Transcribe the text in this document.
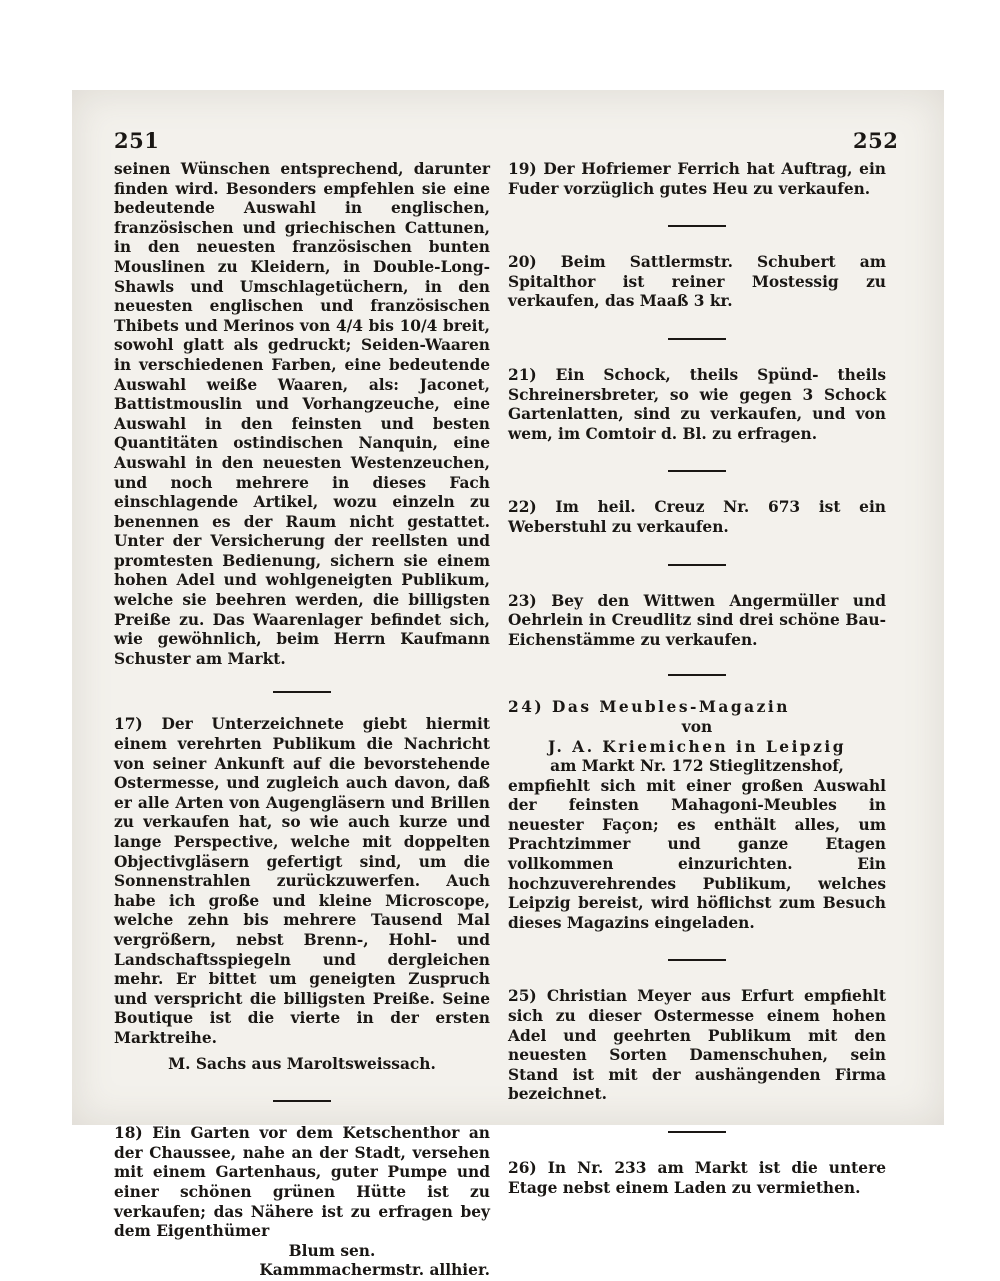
251	252

seinen Wünschen entsprechend, darunter finden wird. Besonders empfehlen sie eine bedeutende Auswahl in englischen, französischen und griechischen Cattunen, in den neuesten französischen bunten Mouslinen zu Kleidern, in Double-Long-Shawls und Umschlagetüchern, in den neuesten englischen und französischen Thibets und Merinos von 4/4 bis 10/4 breit, sowohl glatt als gedruckt; Seiden-Waaren in verschiedenen Farben, eine bedeutende Auswahl weiße Waaren, als: Jaconet, Battistmouslin und Vorhangzeuche, eine Auswahl in den feinsten und besten Quantitäten ostindischen Nanquin, eine Auswahl in den neuesten Westenzeuchen, und noch mehrere in dieses Fach einschlagende Artikel, wozu einzeln zu benennen es der Raum nicht gestattet. Unter der Versicherung der reellsten und promtesten Bedienung, sichern sie einem hohen Adel und wohlgeneigten Publikum, welche sie beehren werden, die billigsten Preiße zu. Das Waarenlager befindet sich, wie gewöhnlich, beim Herrn Kaufmann Schuster am Markt.

17) Der Unterzeichnete giebt hiermit einem verehrten Publikum die Nachricht von seiner Ankunft auf die bevorstehende Ostermesse, und zugleich auch davon, daß er alle Arten von Augengläsern und Brillen zu verkaufen hat, so wie auch kurze und lange Perspective, welche mit doppelten Objectivgläsern gefertigt sind, um die Sonnenstrahlen zurückzuwerfen. Auch habe ich große und kleine Microscope, welche zehn bis mehrere Tausend Mal vergrößern, nebst Brenn-, Hohl- und Landschaftsspiegeln und dergleichen mehr. Er bittet um geneigten Zuspruch und verspricht die billigsten Preiße. Seine Boutique ist die vierte in der ersten Marktreihe.

M. Sachs aus Maroltsweissach.

18) Ein Garten vor dem Ketschenthor an der Chaussee, nahe an der Stadt, versehen mit einem Gartenhaus, guter Pumpe und einer schönen grünen Hütte ist zu verkaufen; das Nähere ist zu erfragen bey dem Eigenthümer

Blum sen.

Kammmachermstr. allhier.

19) Der Hofriemer Ferrich hat Auftrag, ein Fuder vorzüglich gutes Heu zu verkaufen.

20) Beim Sattlermstr. Schubert am Spitalthor ist reiner Mostessig zu verkaufen, das Maaß 3 kr.

21) Ein Schock, theils Spünd- theils Schreinersbreter, so wie gegen 3 Schock Gartenlatten, sind zu verkaufen, und von wem, im Comtoir d. Bl. zu erfragen.

22) Im heil. Creuz Nr. 673 ist ein Weberstuhl zu verkaufen.

23) Bey den Wittwen Angermüller und Oehrlein in Creudlitz sind drei schöne Bau-Eichenstämme zu verkaufen.

24) Das Meubles-Magazin

von

J. A. Kriemichen in Leipzig

am Markt Nr. 172 Stieglitzenshof,

empfiehlt sich mit einer großen Auswahl der feinsten Mahagoni-Meubles in neuester Façon; es enthält alles, um Prachtzimmer und ganze Etagen vollkommen einzurichten. Ein hochzuverehrendes Publikum, welches Leipzig bereist, wird höflichst zum Besuch dieses Magazins eingeladen.

25) Christian Meyer aus Erfurt empfiehlt sich zu dieser Ostermesse einem hohen Adel und geehrten Publikum mit den neuesten Sorten Damenschuhen, sein Stand ist mit der aushängenden Firma bezeichnet.

26) In Nr. 233 am Markt ist die untere Etage nebst einem Laden zu vermiethen.
